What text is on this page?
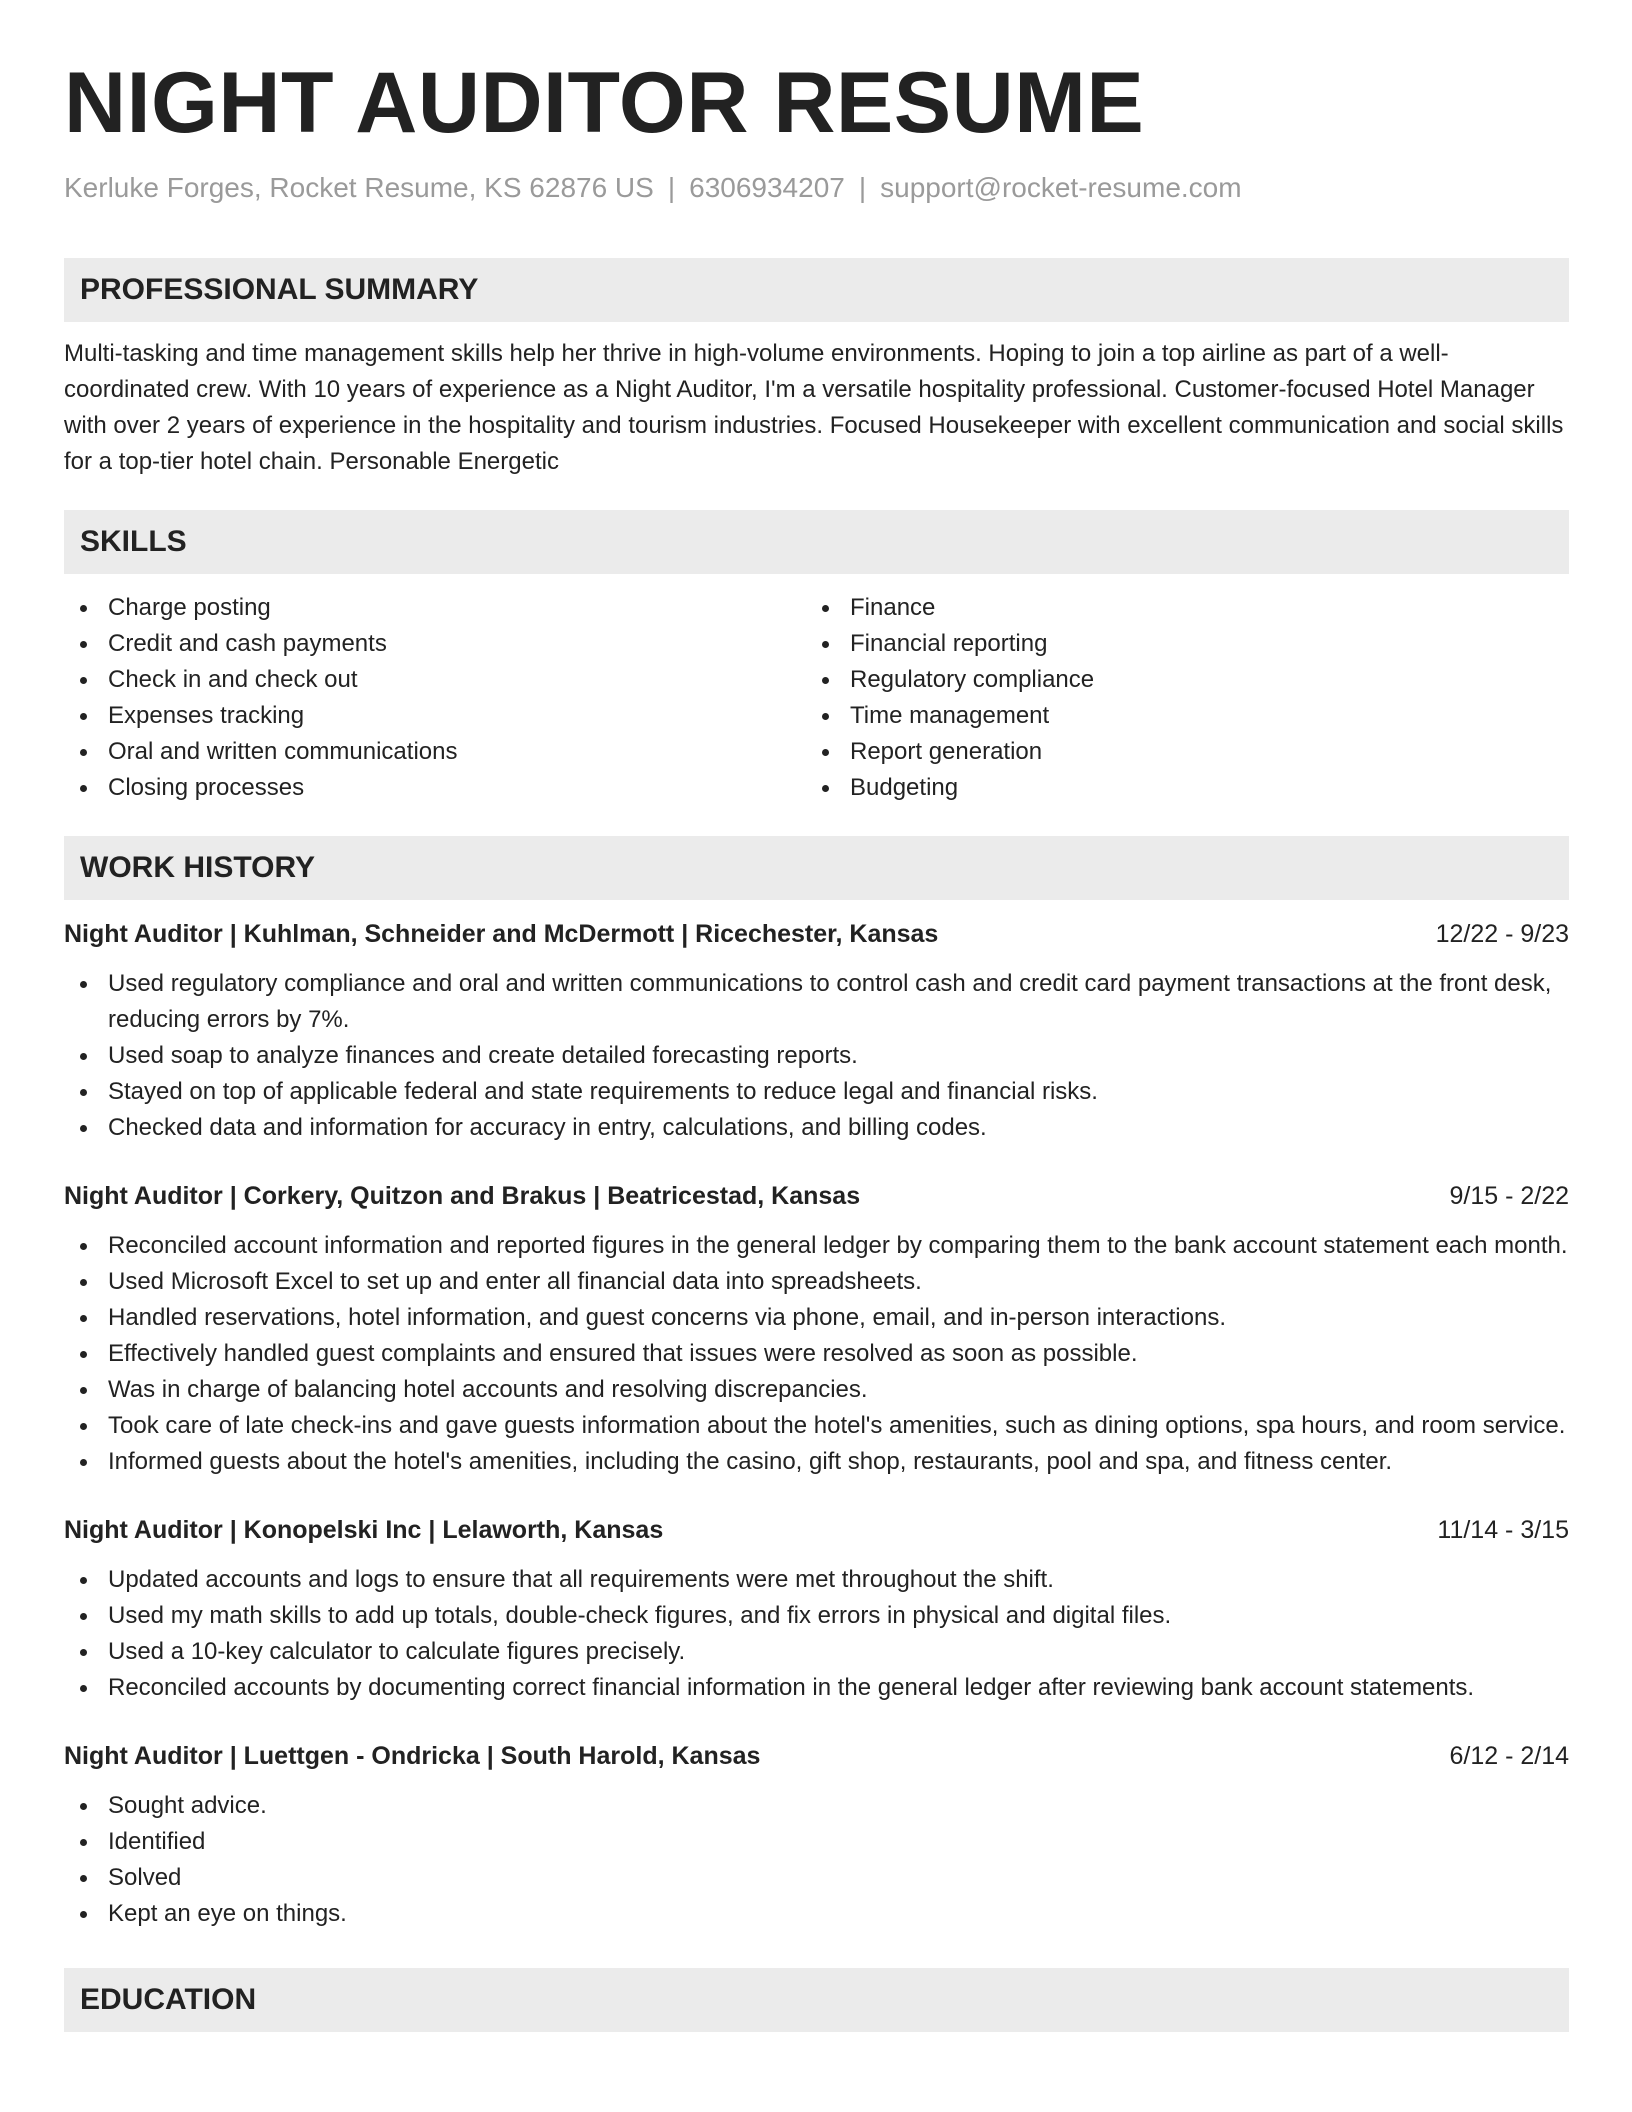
NIGHT AUDITOR RESUME
Kerluke Forges, Rocket Resume, KS 62876 US | 6306934207 | support@rocket-resume.com
PROFESSIONAL SUMMARY

Multi-tasking and time management skills help her thrive in high-volume environments. Hoping to join a top airline as part of a well-coordinated crew. With 10 years of experience as a Night Auditor, I'm a versatile hospitality professional. Customer-focused Hotel Manager with over 2 years of experience in the hospitality and tourism industries. Focused Housekeeper with excellent communication and social skills for a top-tier hotel chain. Personable Energetic

SKILLS
Charge posting
Credit and cash payments
Check in and check out
Expenses tracking
Oral and written communications
Closing processes
Finance
Financial reporting
Regulatory compliance
Time management
Report generation
Budgeting
WORK HISTORY
Night Auditor | Kuhlman, Schneider and McDermott | Ricechester, Kansas	12/22 - 9/23
Used regulatory compliance and oral and written communications to control cash and credit card payment transactions at the front desk, reducing errors by 7%.
Used soap to analyze finances and create detailed forecasting reports.
Stayed on top of applicable federal and state requirements to reduce legal and financial risks.
Checked data and information for accuracy in entry, calculations, and billing codes.
Night Auditor | Corkery, Quitzon and Brakus | Beatricestad, Kansas	9/15 - 2/22
Reconciled account information and reported figures in the general ledger by comparing them to the bank account statement each month.
Used Microsoft Excel to set up and enter all financial data into spreadsheets.
Handled reservations, hotel information, and guest concerns via phone, email, and in-person interactions.
Effectively handled guest complaints and ensured that issues were resolved as soon as possible.
Was in charge of balancing hotel accounts and resolving discrepancies.
Took care of late check-ins and gave guests information about the hotel's amenities, such as dining options, spa hours, and room service.
Informed guests about the hotel's amenities, including the casino, gift shop, restaurants, pool and spa, and fitness center.
Night Auditor | Konopelski Inc | Lelaworth, Kansas	11/14 - 3/15
Updated accounts and logs to ensure that all requirements were met throughout the shift.
Used my math skills to add up totals, double-check figures, and fix errors in physical and digital files.
Used a 10-key calculator to calculate figures precisely.
Reconciled accounts by documenting correct financial information in the general ledger after reviewing bank account statements.
Night Auditor | Luettgen - Ondricka | South Harold, Kansas	6/12 - 2/14
Sought advice.
Identified
Solved
Kept an eye on things.
EDUCATION
